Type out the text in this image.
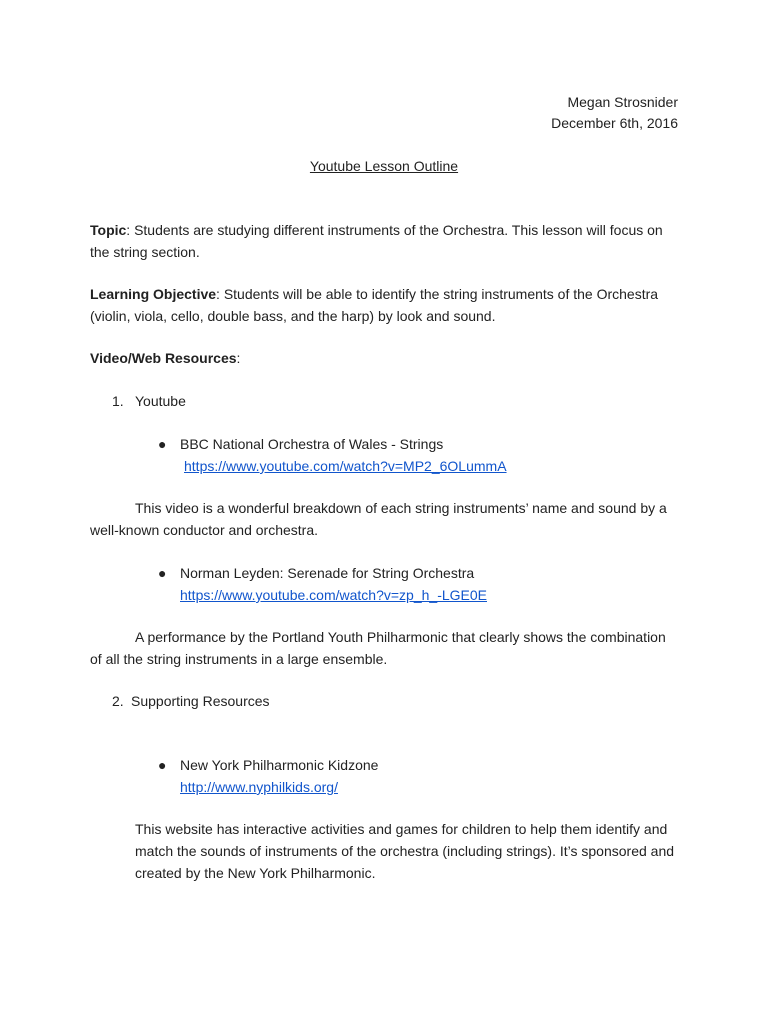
Megan Strosnider
December 6th, 2016
Youtube Lesson Outline

Topic: Students are studying different instruments of the Orchestra. This lesson will focus on the string section.

Learning Objective: Students will be able to identify the string instruments of the Orchestra (violin, viola, cello, double bass, and the harp) by look and sound.

Video/Web Resources:

1. Youtube
● BBC National Orchestra of Wales - Strings
https://www.youtube.com/watch?v=MP2_6OLummA

This video is a wonderful breakdown of each string instruments’ name and sound by a well-known conductor and orchestra.

● Norman Leyden: Serenade for String Orchestra
https://www.youtube.com/watch?v=zp_h_-LGE0E

A performance by the Portland Youth Philharmonic that clearly shows the combination of all the string instruments in a large ensemble.

2. Supporting Resources
● New York Philharmonic Kidzone
http://www.nyphilkids.org/

This website has interactive activities and games for children to help them identify and match the sounds of instruments of the orchestra (including strings). It’s sponsored and created by the New York Philharmonic.
